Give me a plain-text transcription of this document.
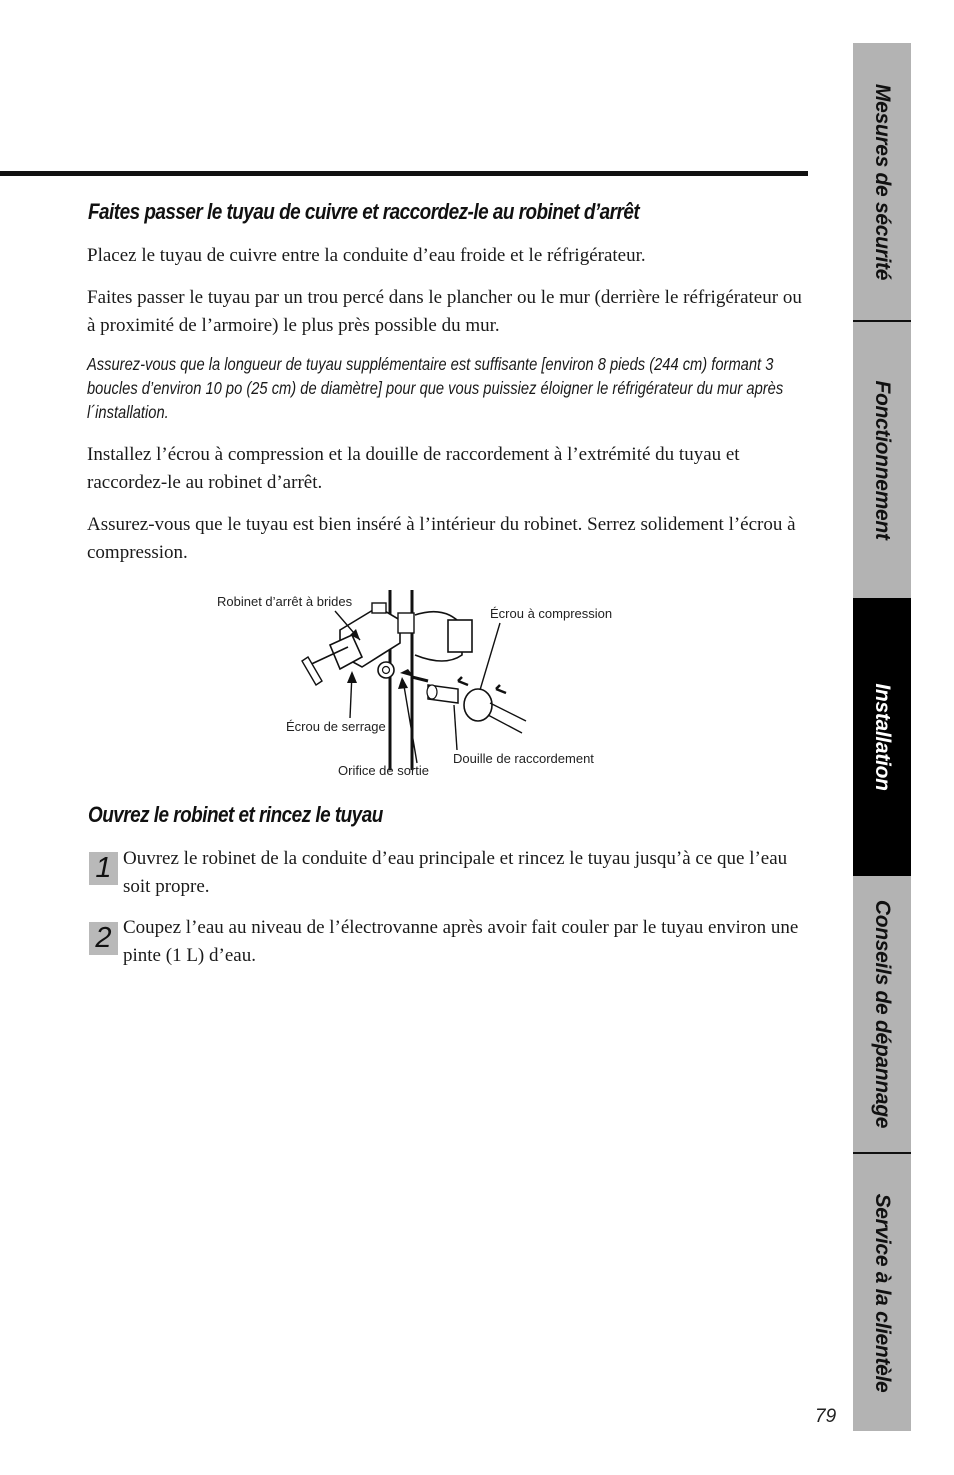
Faites passer le tuyau de cuivre et raccordez-le au robinet d’arrêt

Placez le tuyau de cuivre entre la conduite d’eau froide et le réfrigérateur.

Faites passer le tuyau par un trou percé dans le plancher ou le mur (derrière le réfrigérateur ou à proximité de l’armoire) le plus près possible du mur.

Assurez-vous que la longueur de tuyau supplémentaire est suffisante [environ 8 pieds (244 cm) formant 3 boucles d’environ 10 po (25 cm) de diamètre] pour que vous puissiez éloigner le réfrigérateur du mur après l´installation.

Installez l’écrou à compression et la douille de raccordement à l’extrémité du tuyau et raccordez-le au robinet d’arrêt.

Assurez-vous que le tuyau est bien inséré à l’intérieur du robinet. Serrez solidement l’écrou à compression.

Robinet d’arrêt à brides
Écrou à compression
Écrou de serrage
Orifice de sortie
Douille de raccordement
Ouvrez le robinet et rincez le tuyau
1 Ouvrez le robinet de la conduite d’eau principale et rincez le tuyau jusqu’à ce que l’eau soit propre.

2 Coupez l’eau au niveau de l’électrovanne après avoir fait couler par le tuyau environ une pinte (1 L) d’eau.

Mesures de sécurité
Fonctionnement
Installation
Conseils de dépannage
Service à la clientèle
79
